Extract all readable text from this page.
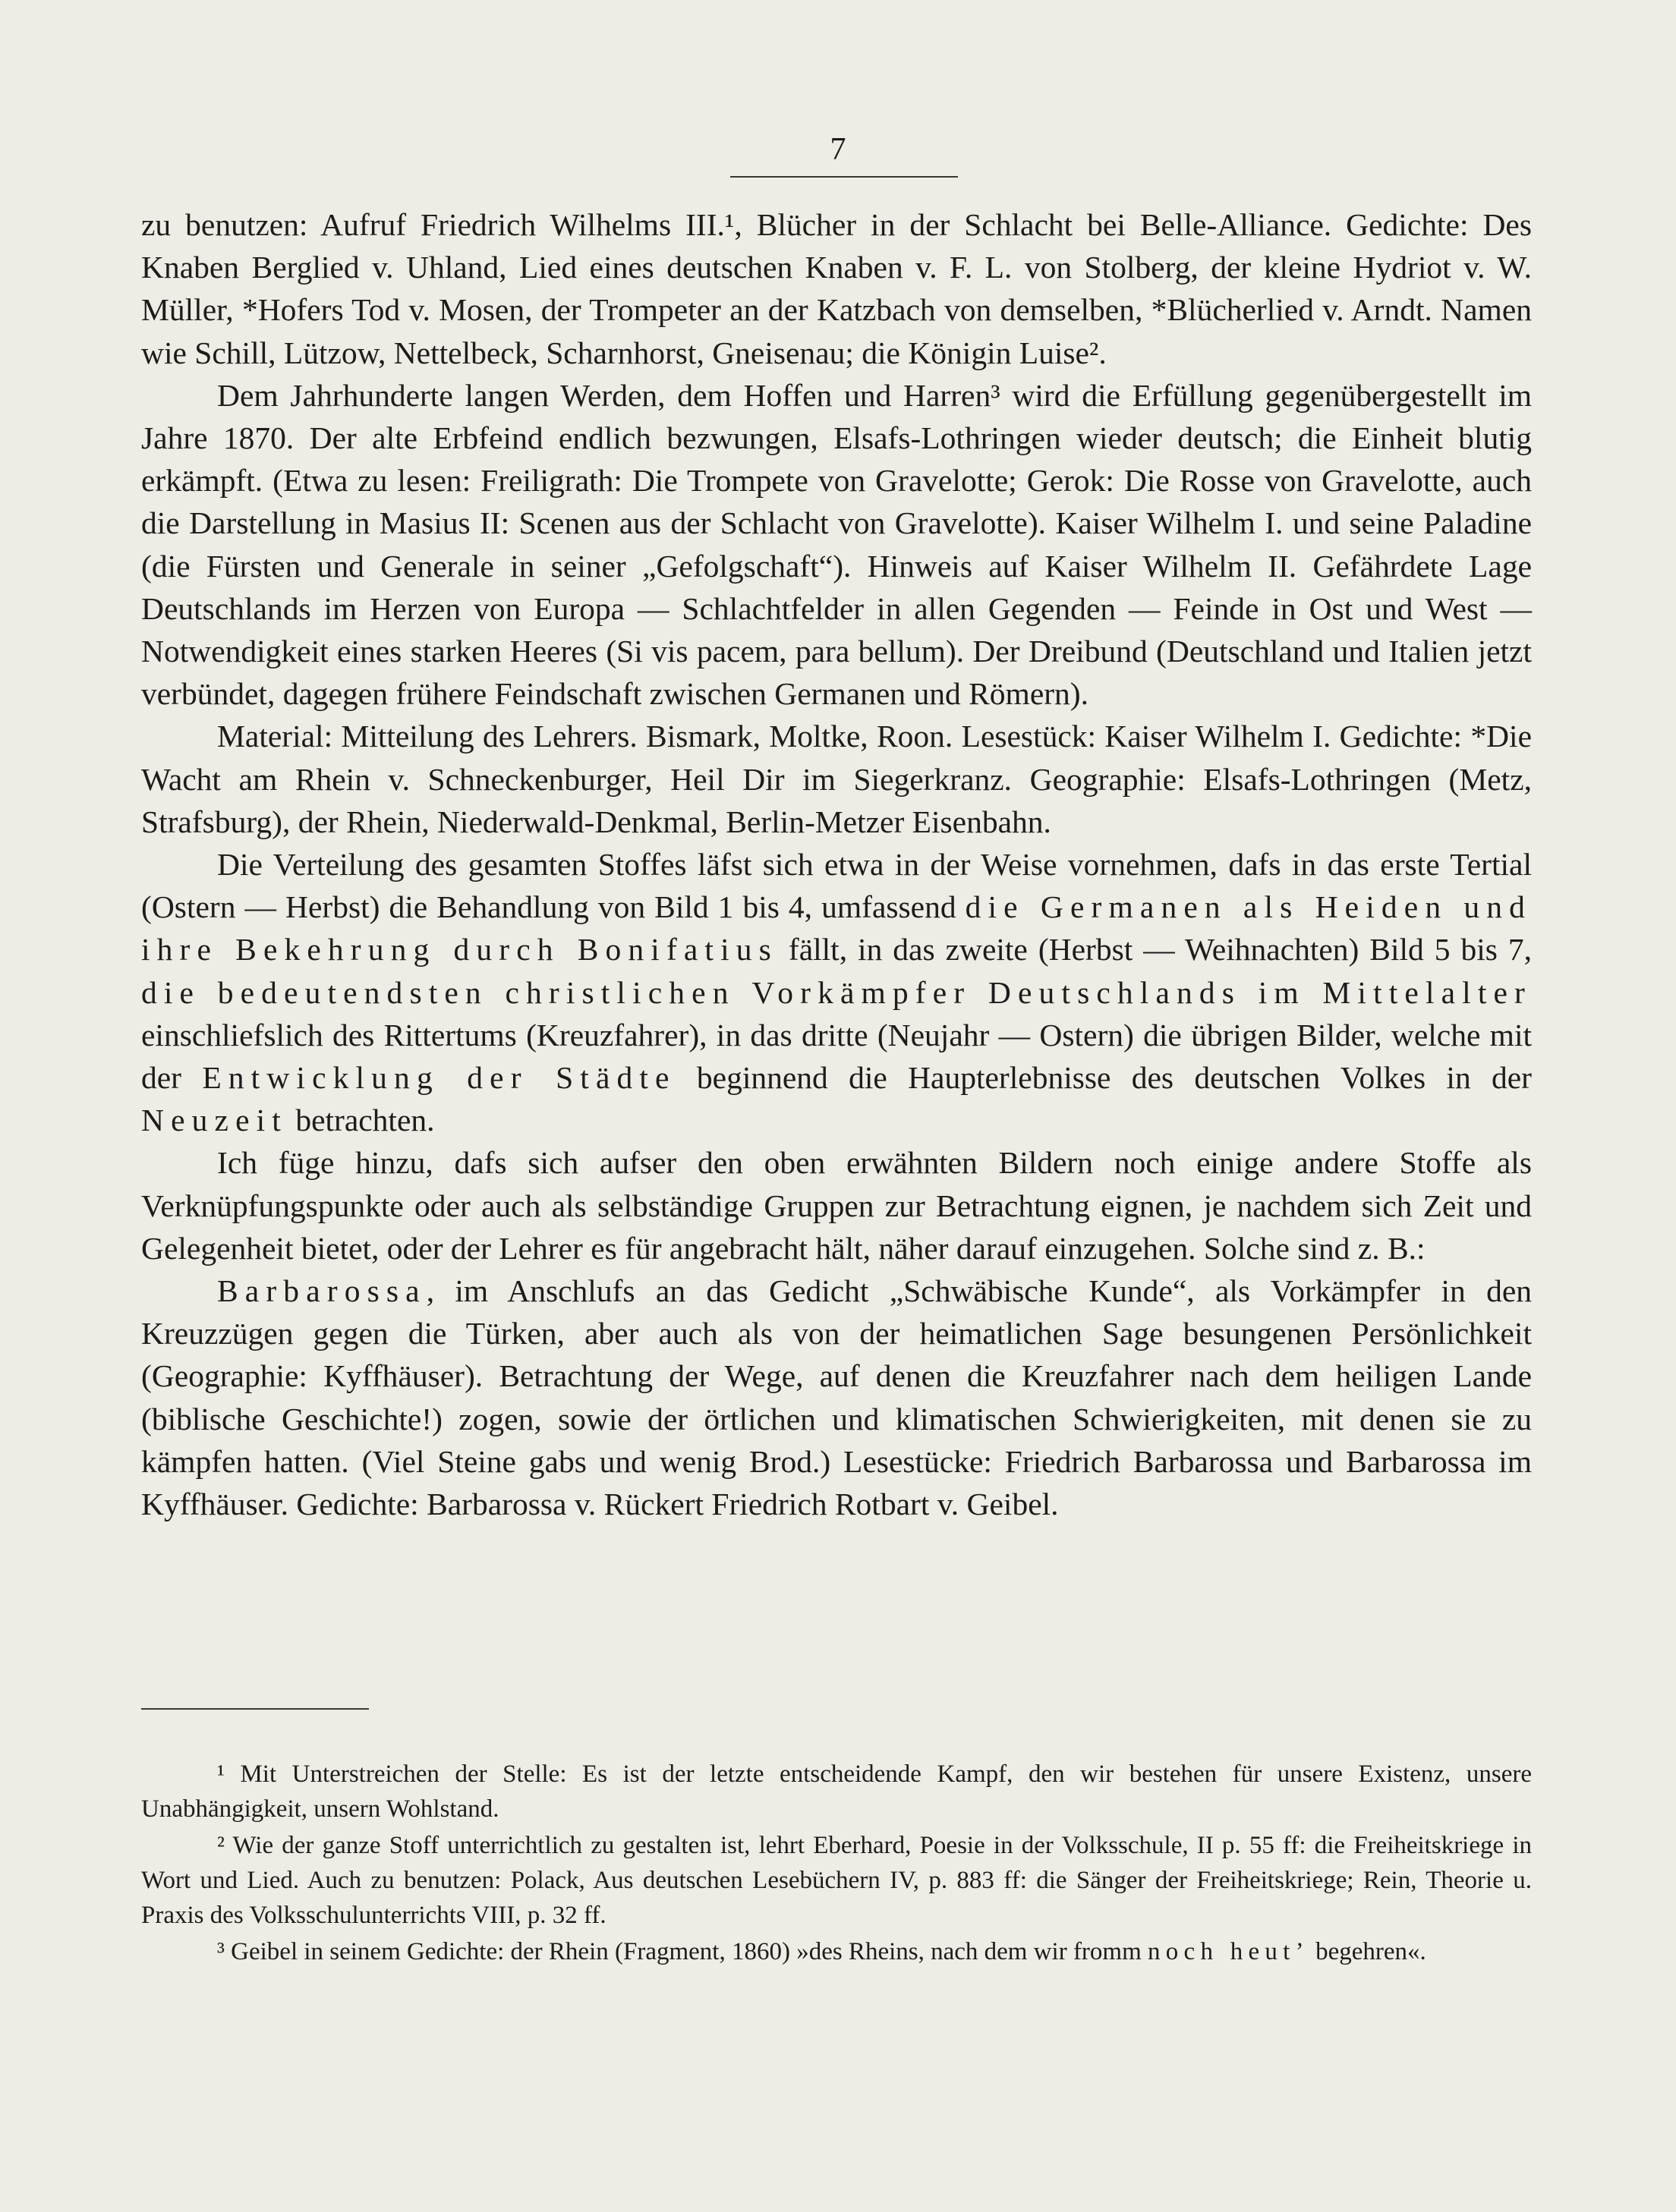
7

zu benutzen: Aufruf Friedrich Wilhelms III.¹, Blücher in der Schlacht bei Belle-Alliance. Gedichte: Des Knaben Berglied v. Uhland, Lied eines deutschen Knaben v. F. L. von Stolberg, der kleine Hydriot v. W. Müller, *Hofers Tod v. Mosen, der Trompeter an der Katzbach von demselben, *Blücherlied v. Arndt. Namen wie Schill, Lützow, Nettelbeck, Scharnhorst, Gneisenau; die Königin Luise².

Dem Jahrhunderte langen Werden, dem Hoffen und Harren³ wird die Erfüllung gegenübergestellt im Jahre 1870. Der alte Erbfeind endlich bezwungen, Elsafs-Lothringen wieder deutsch; die Einheit blutig erkämpft. (Etwa zu lesen: Freiligrath: Die Trompete von Gravelotte; Gerok: Die Rosse von Gravelotte, auch die Darstellung in Masius II: Scenen aus der Schlacht von Gravelotte). Kaiser Wilhelm I. und seine Paladine (die Fürsten und Generale in seiner „Gefolgschaft“). Hinweis auf Kaiser Wilhelm II. Gefährdete Lage Deutschlands im Herzen von Europa — Schlachtfelder in allen Gegenden — Feinde in Ost und West — Notwendigkeit eines starken Heeres (Si vis pacem, para bellum). Der Dreibund (Deutschland und Italien jetzt verbündet, dagegen frühere Feindschaft zwischen Germanen und Römern).

Material: Mitteilung des Lehrers. Bismark, Moltke, Roon. Lesestück: Kaiser Wilhelm I. Gedichte: *Die Wacht am Rhein v. Schneckenburger, Heil Dir im Siegerkranz. Geographie: Elsafs-Lothringen (Metz, Strafsburg), der Rhein, Niederwald-Denkmal, Berlin-Metzer Eisenbahn.

Die Verteilung des gesamten Stoffes läfst sich etwa in der Weise vornehmen, dafs in das erste Tertial (Ostern — Herbst) die Behandlung von Bild 1 bis 4, umfassend die Germanen als Heiden und ihre Bekehrung durch Bonifatius fällt, in das zweite (Herbst — Weihnachten) Bild 5 bis 7, die bedeutendsten christlichen Vorkämpfer Deutschlands im Mittelalter einschliefslich des Rittertums (Kreuzfahrer), in das dritte (Neujahr — Ostern) die übrigen Bilder, welche mit der Entwicklung der Städte beginnend die Haupterlebnisse des deutschen Volkes in der Neuzeit betrachten.

Ich füge hinzu, dafs sich aufser den oben erwähnten Bildern noch einige andere Stoffe als Verknüpfungspunkte oder auch als selbständige Gruppen zur Betrachtung eignen, je nachdem sich Zeit und Gelegenheit bietet, oder der Lehrer es für angebracht hält, näher darauf einzugehen. Solche sind z. B.:

Barbarossa, im Anschlufs an das Gedicht „Schwäbische Kunde“, als Vorkämpfer in den Kreuzzügen gegen die Türken, aber auch als von der heimatlichen Sage besungenen Persönlichkeit (Geographie: Kyffhäuser). Betrachtung der Wege, auf denen die Kreuzfahrer nach dem heiligen Lande (biblische Geschichte!) zogen, sowie der örtlichen und klimatischen Schwierigkeiten, mit denen sie zu kämpfen hatten. (Viel Steine gabs und wenig Brod.) Lesestücke: Friedrich Barbarossa und Barbarossa im Kyffhäuser. Gedichte: Barbarossa v. Rückert Friedrich Rotbart v. Geibel.

¹ Mit Unterstreichen der Stelle: Es ist der letzte entscheidende Kampf, den wir bestehen für unsere Existenz, unsere Unabhängigkeit, unsern Wohlstand.

² Wie der ganze Stoff unterrichtlich zu gestalten ist, lehrt Eberhard, Poesie in der Volksschule, II p. 55 ff: die Freiheitskriege in Wort und Lied. Auch zu benutzen: Polack, Aus deutschen Lesebüchern IV, p. 883 ff: die Sänger der Freiheitskriege; Rein, Theorie u. Praxis des Volksschulunterrichts VIII, p. 32 ff.

³ Geibel in seinem Gedichte: der Rhein (Fragment, 1860) »des Rheins, nach dem wir fromm noch heut’ begehren«.
